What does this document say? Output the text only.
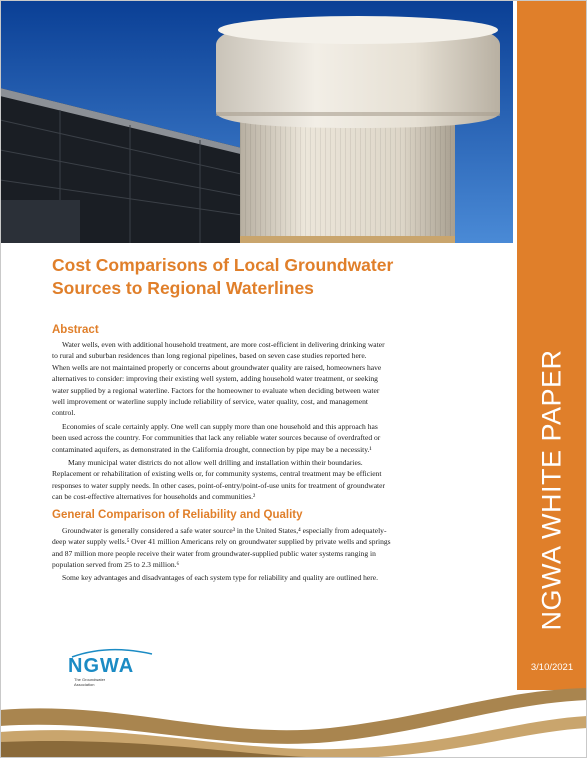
NGWA WHITE PAPER
3/10/2021
Cost Comparisons of Local Groundwater
Sources to Regional Waterlines
Abstract

Water wells, even with additional household treatment, are more cost-efficient in delivering drinking water
to rural and suburban residences than long regional pipelines, based on seven case studies reported here.
When wells are not maintained properly or concerns about groundwater quality are raised, homeowners have
alternatives to consider: improving their existing well system, adding household water treatment, or seeking
water supplied by a regional waterline. Factors for the homeowner to evaluate when deciding between water
well improvement or waterline supply include reliability of service, water quality, cost, and management
control.

Economies of scale certainly apply. One well can supply more than one household and this approach has
been used across the country. For communities that lack any reliable water sources because of overdrafted or
contaminated aquifers, as demonstrated in the California drought, connection by pipe may be a necessity.¹

Many municipal water districts do not allow well drilling and installation within their boundaries.
Replacement or rehabilitation of existing wells or, for community systems, central treatment may be efficient
responses to water supply needs. In other cases, point-of-entry/point-of-use units for treatment of groundwater
can be cost-effective alternatives for households and communities.²

General Comparison of Reliability and Quality

Groundwater is generally considered a safe water source³ in the United States,⁴ especially from adequately-
deep water supply wells.⁵ Over 41 million Americans rely on groundwater supplied by private wells and springs
and 87 million more people receive their water from groundwater-supplied public water systems ranging in
population served from 25 to 2.3 million.⁶

Some key advantages and disadvantages of each system type for reliability and quality are outlined here.

NGWA
The Groundwater
Association
